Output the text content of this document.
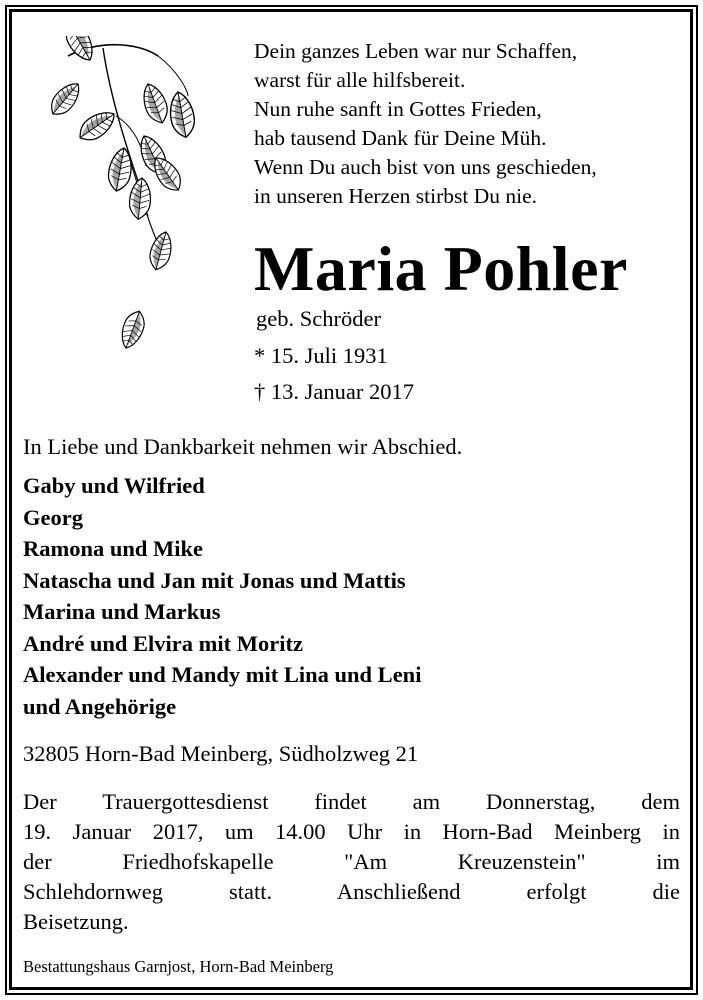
Dein ganzes Leben war nur Schaffen,
warst für alle hilfsbereit.
Nun ruhe sanft in Gottes Frieden,
hab tausend Dank für Deine Müh.
Wenn Du auch bist von uns geschieden,
in unseren Herzen stirbst Du nie.
Maria Pohler
geb. Schröder
* 15. Juli 1931
† 13. Januar 2017
In Liebe und Dankbarkeit nehmen wir Abschied.
Gaby und Wilfried
Georg
Ramona und Mike
Natascha und Jan mit Jonas und Mattis
Marina und Markus
André und Elvira mit Moritz
Alexander und Mandy mit Lina und Leni
und Angehörige
32805 Horn-Bad Meinberg, Südholzweg 21
Der Trauergottesdienst findet am Donnerstag, dem
19. Januar 2017, um 14.00 Uhr in Horn-Bad Meinberg in
der Friedhofskapelle "Am Kreuzenstein" im
Schlehdornweg statt. Anschließend erfolgt die
Beisetzung.
Bestattungshaus Garnjost, Horn-Bad Meinberg
